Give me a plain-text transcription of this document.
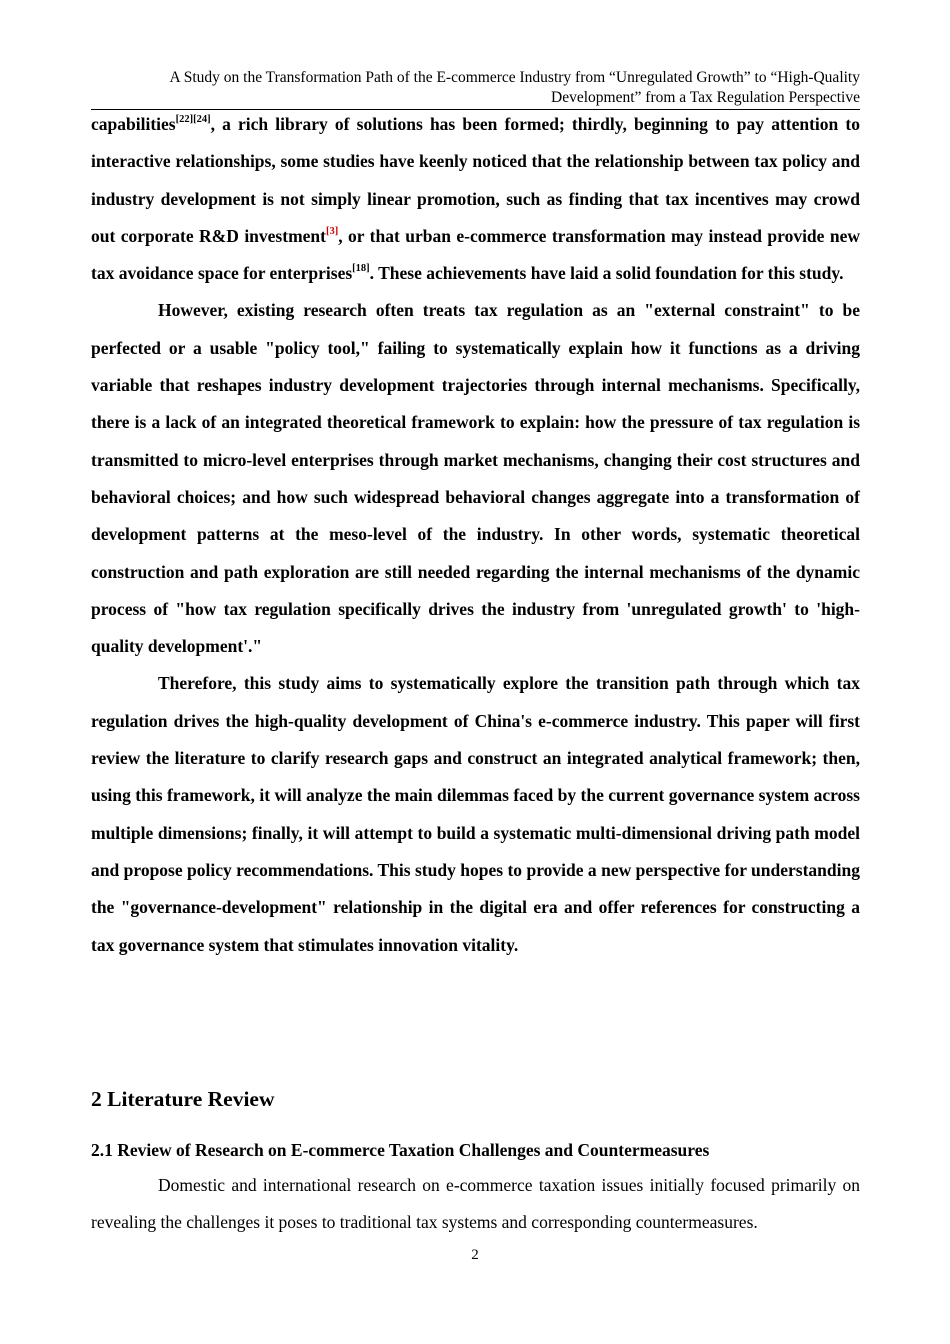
A Study on the Transformation Path of the E-commerce Industry from “Unregulated Growth” to “High-Quality
Development” from a Tax Regulation Perspective

capabilities[22][24], a rich library of solutions has been formed; thirdly, beginning to pay attention to interactive relationships, some studies have keenly noticed that the relationship between tax policy and industry development is not simply linear promotion, such as finding that tax incentives may crowd out corporate R&D investment[3], or that urban e-commerce transformation may instead provide new tax avoidance space for enterprises[18]. These achievements have laid a solid foundation for this study.

However, existing research often treats tax regulation as an "external constraint" to be perfected or a usable "policy tool," failing to systematically explain how it functions as a driving variable that reshapes industry development trajectories through internal mechanisms. Specifically, there is a lack of an integrated theoretical framework to explain: how the pressure of tax regulation is transmitted to micro-level enterprises through market mechanisms, changing their cost structures and behavioral choices; and how such widespread behavioral changes aggregate into a transformation of development patterns at the meso-level of the industry. In other words, systematic theoretical construction and path exploration are still needed regarding the internal mechanisms of the dynamic process of "how tax regulation specifically drives the industry from 'unregulated growth' to 'high-quality development'."

Therefore, this study aims to systematically explore the transition path through which tax regulation drives the high-quality development of China's e-commerce industry. This paper will first review the literature to clarify research gaps and construct an integrated analytical framework; then, using this framework, it will analyze the main dilemmas faced by the current governance system across multiple dimensions; finally, it will attempt to build a systematic multi-dimensional driving path model and propose policy recommendations. This study hopes to provide a new perspective for understanding the "governance-development" relationship in the digital era and offer references for constructing a tax governance system that stimulates innovation vitality.

2 Literature Review
2.1 Review of Research on E-commerce Taxation Challenges and Countermeasures

Domestic and international research on e-commerce taxation issues initially focused primarily on revealing the challenges it poses to traditional tax systems and corresponding countermeasures.

2
